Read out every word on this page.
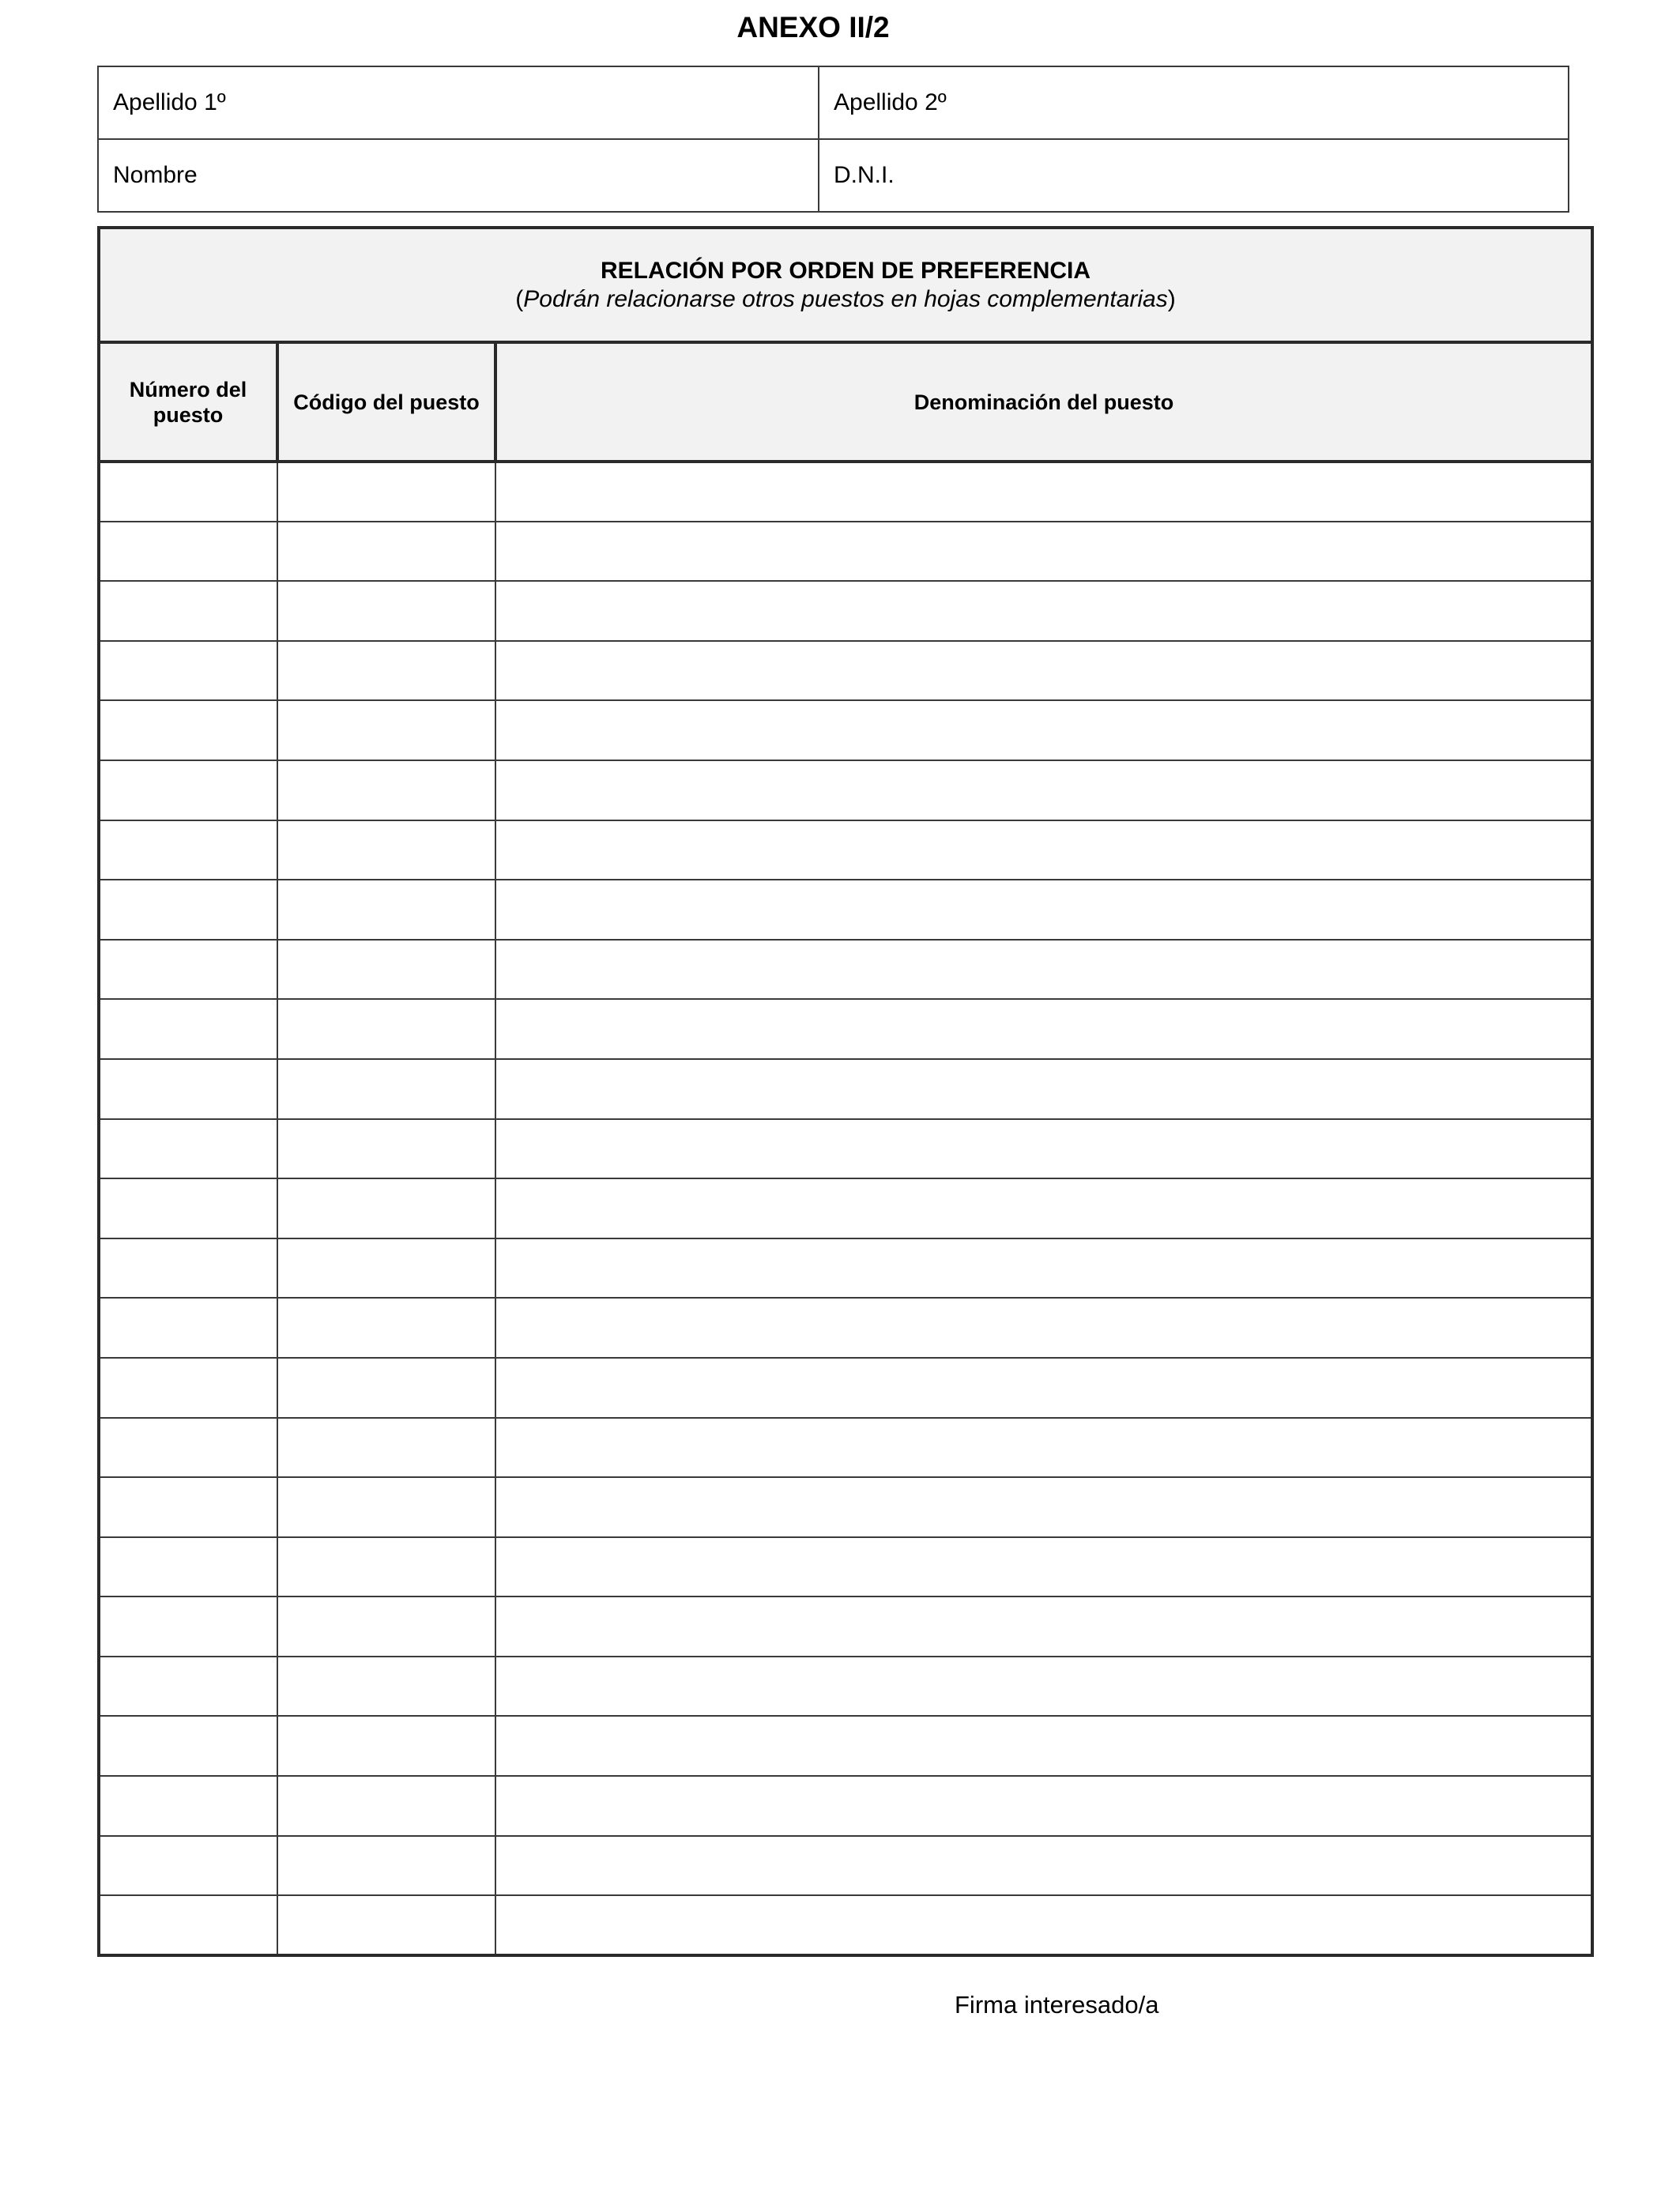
ANEXO II/2
Apellido 1º	Apellido 2º
Nombre	D.N.I.
RELACIÓN POR ORDEN DE PREFERENCIA
(Podrán relacionarse otros puestos en hojas complementarias)		

Número del puesto	Código del puesto	Denominación del puesto

Firma interesado/a
